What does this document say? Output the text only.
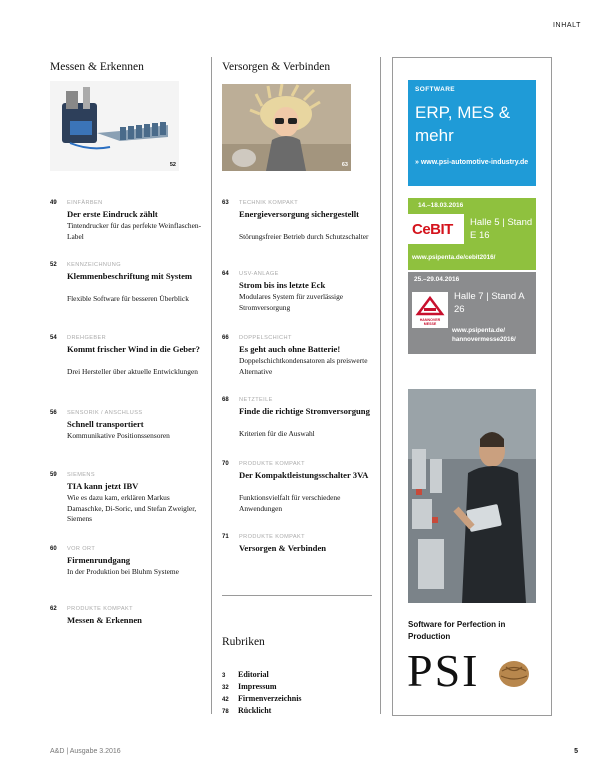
INHALT
Messen & Erkennen
52
49 EINFÄRBEN
Der erste Eindruck zählt
Tintendrucker für das perfekte Weinflaschen-Label
52 KENNZEICHNUNG
Klemmenbeschriftung mit System
Flexible Software für besseren Überblick
54 DREHGEBER
Kommt frischer Wind in die Geber?
Drei Hersteller über aktuelle Entwicklungen
56 SENSORIK / ANSCHLUSS
Schnell transportiert
Kommunikative Positionssensoren
59 SIEMENS
TIA kann jetzt IBV
Wie es dazu kam, erklären Markus Damaschke, Di-Soric, und Stefan Zweigler, Siemens
60 VOR ORT
Firmenrundgang
In der Produktion bei Bluhm Systeme
62 PRODUKTE KOMPAKT
Messen & Erkennen
Versorgen & Verbinden
63
63 TECHNIK KOMPAKT
Energieversorgung sichergestellt
Störungsfreier Betrieb durch Schutzschalter
64 USV-ANLAGE
Strom bis ins letzte Eck
Modulares System für zuverlässige Stromversorgung
66 DOPPELSCHICHT
Es geht auch ohne Batterie!
Doppelschichtkondensatoren als preiswerte Alternative
68 NETZTEILE
Finde die richtige Stromversorgung
Kriterien für die Auswahl
70 PRODUKTE KOMPAKT
Der Kompaktleistungsschalter 3VA
Funktionsvielfalt für verschiedene Anwendungen
71 PRODUKTE KOMPAKT
Versorgen & Verbinden
Rubriken
3 Editorial
32 Impressum
42 Firmenverzeichnis
78 Rücklicht
SOFTWARE
ERP, MES & mehr
» www.psi-automotive-industry.de
14.–18.03.2016
CeBIT Halle 5 | Stand E 16
www.psipenta.de/cebit2016/
25.–29.04.2016
HANNOVER MESSE
Halle 7 | Stand A 26
www.psipenta.de/ hannovermesse2016/
Software for Perfection in Production
PSI
A&D | Ausgabe 3.2016	5
